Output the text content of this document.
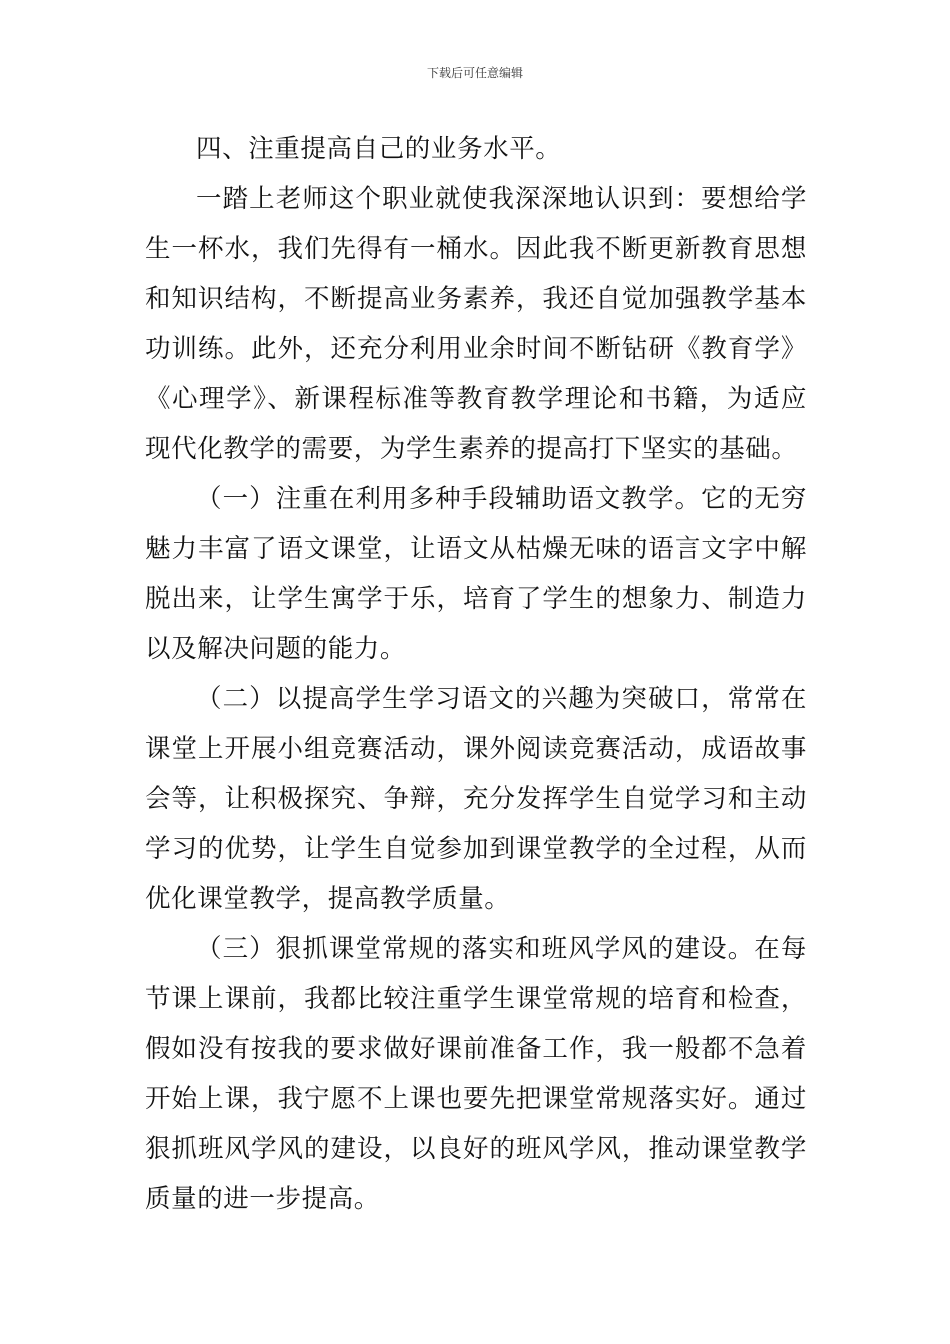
下载后可任意编辑

四、注重提高自己的业务水平。

一踏上老师这个职业就使我深深地认识到：要想给学生一杯水，我们先得有一桶水。因此我不断更新教育思想和知识结构，不断提高业务素养，我还自觉加强教学基本功训练。此外，还充分利用业余时间不断钻研《教育学》《心理学》、新课程标准等教育教学理论和书籍，为适应现代化教学的需要，为学生素养的提高打下坚实的基础。

（一）注重在利用多种手段辅助语文教学。它的无穷魅力丰富了语文课堂，让语文从枯燥无味的语言文字中解脱出来，让学生寓学于乐，培育了学生的想象力、制造力以及解决问题的能力。

（二）以提高学生学习语文的兴趣为突破口，常常在课堂上开展小组竞赛活动，课外阅读竞赛活动，成语故事会等，让积极探究、争辩，充分发挥学生自觉学习和主动学习的优势，让学生自觉参加到课堂教学的全过程，从而优化课堂教学，提高教学质量。

（三）狠抓课堂常规的落实和班风学风的建设。在每节课上课前，我都比较注重学生课堂常规的培育和检查，假如没有按我的要求做好课前准备工作，我一般都不急着开始上课，我宁愿不上课也要先把课堂常规落实好。通过狠抓班风学风的建设，以良好的班风学风，推动课堂教学质量的进一步提高。
